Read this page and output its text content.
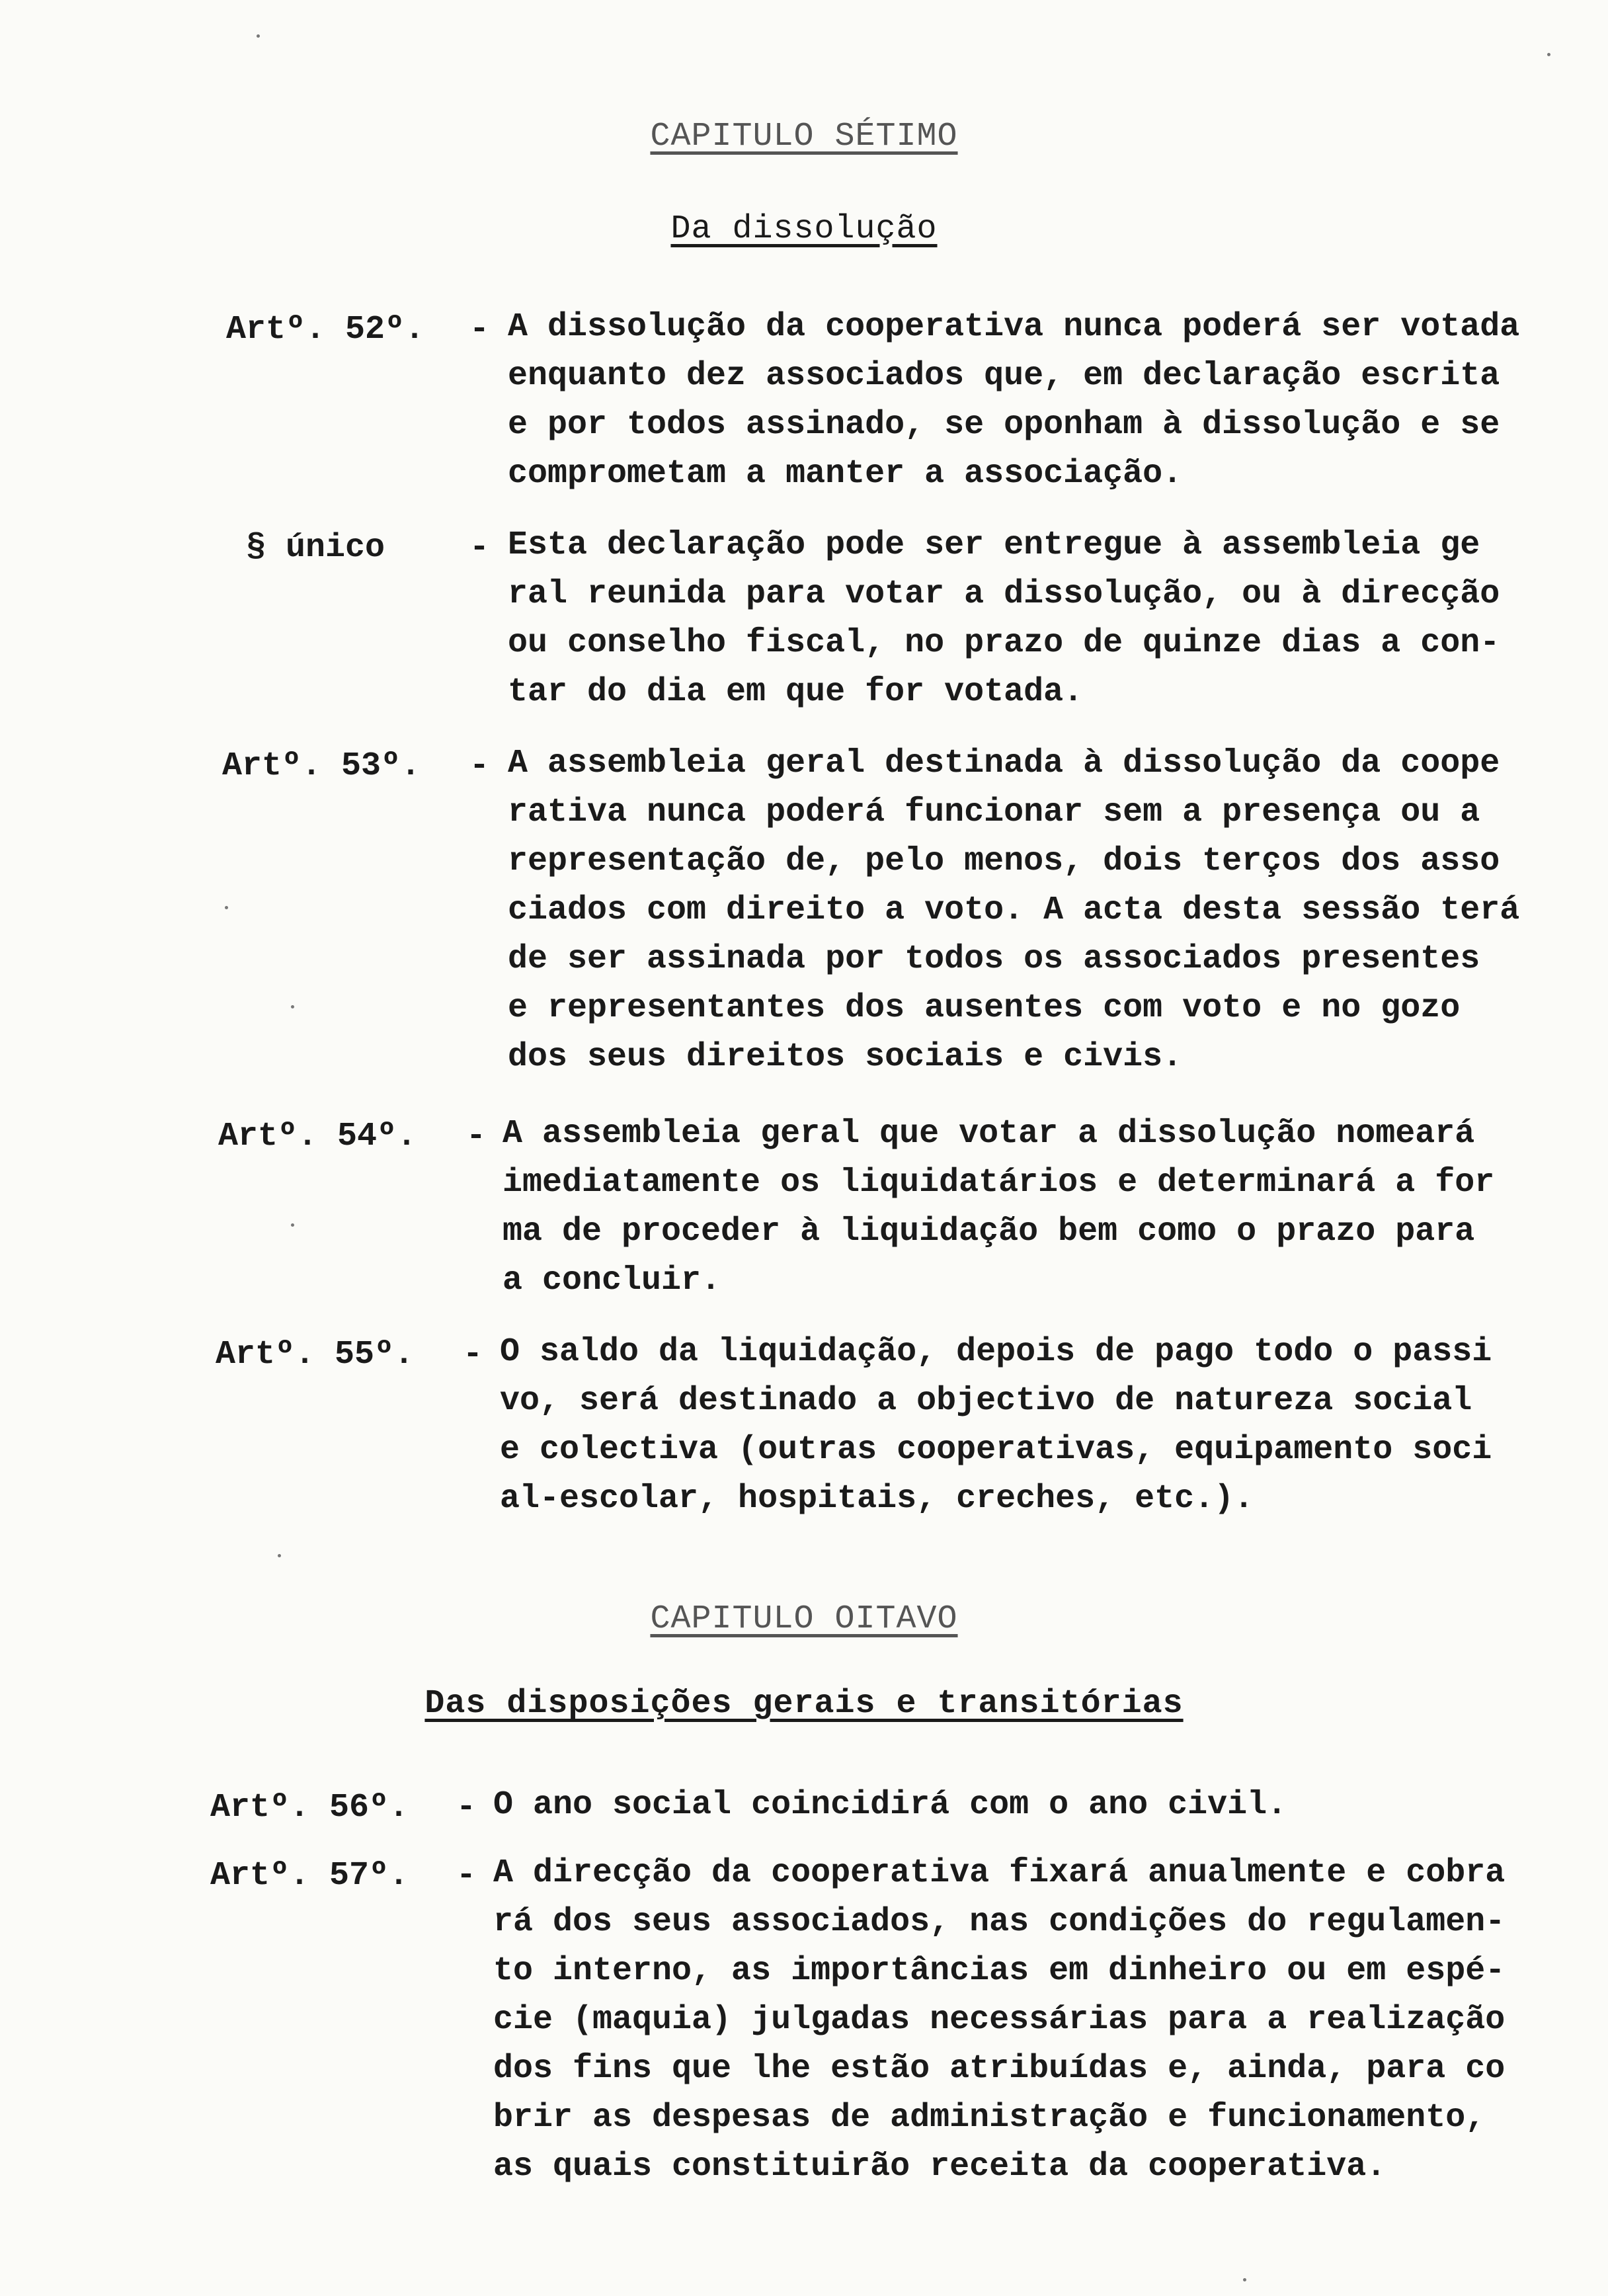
CAPITULO SÉTIMO
Da dissolução
Artº. 52º. - A dissolução da cooperativa nunca poderá ser votada
enquanto dez associados que, em declaração escrita
e por todos assinado, se oponham à dissolução e se
comprometam a manter a associação.
§ único	- Esta declaração pode ser entregue à assembleia ge
ral reunida para votar a dissolução, ou à direcção
ou conselho fiscal, no prazo de quinze dias a con-
tar do dia em que for votada.
Artº. 53º. - A assembleia geral destinada à dissolução da coope
rativa nunca poderá funcionar sem a presença ou a
representação de, pelo menos, dois terços dos asso
ciados com direito a voto. A acta desta sessão terá
de ser assinada por todos os associados presentes
e representantes dos ausentes com voto e no gozo
dos seus direitos sociais e civis.
Artº. 54º. - A assembleia geral que votar a dissolução nomeará
imediatamente os liquidatários e determinará a for
ma de proceder à liquidação bem como o prazo para
a concluir.
Artº. 55º. - O saldo da liquidação, depois de pago todo o passi
vo, será destinado a objectivo de natureza social
e colectiva (outras cooperativas, equipamento soci
al-escolar, hospitais, creches, etc.).
CAPITULO OITAVO
Das disposições gerais e transitórias
Artº. 56º. - O ano social coincidirá com o ano civil.
Artº. 57º. - A direcção da cooperativa fixará anualmente e cobra
rá dos seus associados, nas condições do regulamen-
to interno, as importâncias em dinheiro ou em espé-
cie (maquia) julgadas necessárias para a realização
dos fins que lhe estão atribuídas e, ainda, para co
brir as despesas de administração e funcionamento,
as quais constituirão receita da cooperativa.
